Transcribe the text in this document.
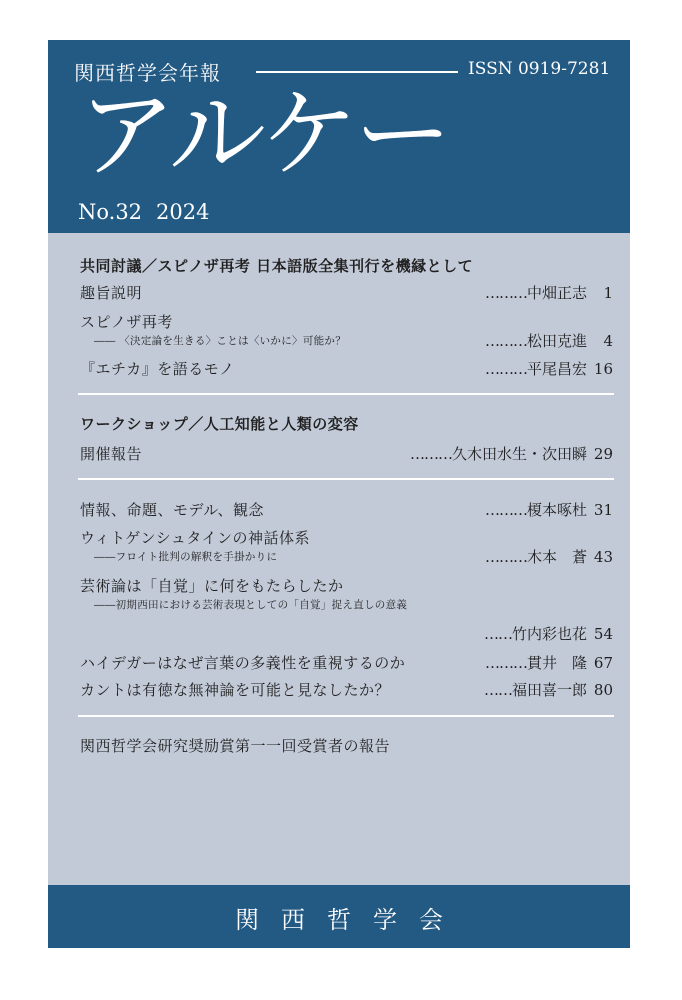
関西哲学会年報	ISSN 0919-7281
アルケー
No.32 2024
共同討議／スピノザ再考 日本語版全集刊行を機縁として
趣旨説明	………中畑正志 1
スピノザ再考
―― 〈決定論を生きる〉ことは〈いかに〉可能か？	………松田克進 4
『エチカ』を語るモノ	………平尾昌宏 16
ワークショップ／人工知能と人類の変容
開催報告	………久木田水生・次田瞬 29
情報、命題、モデル、観念	………榎本啄杜 31
ウィトゲンシュタインの神話体系
――フロイト批判の解釈を手掛かりに	………木本　蒼 43
芸術論は「自覚」に何をもたらしたか
――初期西田における芸術表現としての「自覚」捉え直しの意義
……竹内彩也花 54
ハイデガーはなぜ言葉の多義性を重視するのか	………貫井　隆 67
カントは有徳な無神論を可能と見なしたか？	……福田喜一郎 80
関西哲学会研究奨励賞第一一回受賞者の報告
関西哲学会
